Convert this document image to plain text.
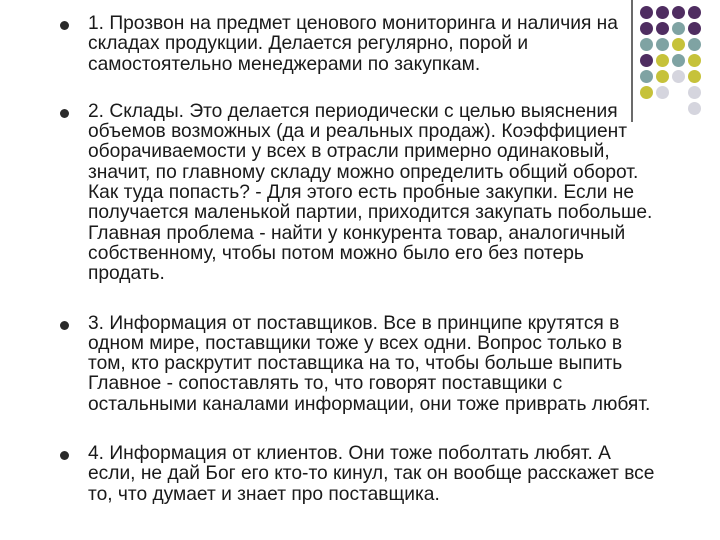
1. Прозвон на предмет ценового мониторинга и наличия на складах продукции. Делается регулярно, порой и самостоятельно менеджерами по закупкам.

2. Склады. Это делается периодически с целью выяснения объемов возможных (да и реальных продаж). Коэффициент оборачиваемости у всех в отрасли примерно одинаковый, значит, по главному складу можно определить общий оборот. Как туда попасть? - Для этого есть пробные закупки. Если не получается маленькой партии, приходится закупать побольше. Главная проблема - найти у конкурента товар, аналогичный собственному, чтобы потом можно было его без потерь продать.

3. Информация от поставщиков. Все в принципе крутятся в одном мире, поставщики тоже у всех одни. Вопрос только в том, кто раскрутит поставщика на то, чтобы больше выпить Главное - сопоставлять то, что говорят поставщики с остальными каналами информации, они тоже приврать любят.

4. Информация от клиентов. Они тоже поболтать любят. А если, не дай Бог его кто-то кинул, так он вообще расскажет все то, что думает и знает про поставщика.
